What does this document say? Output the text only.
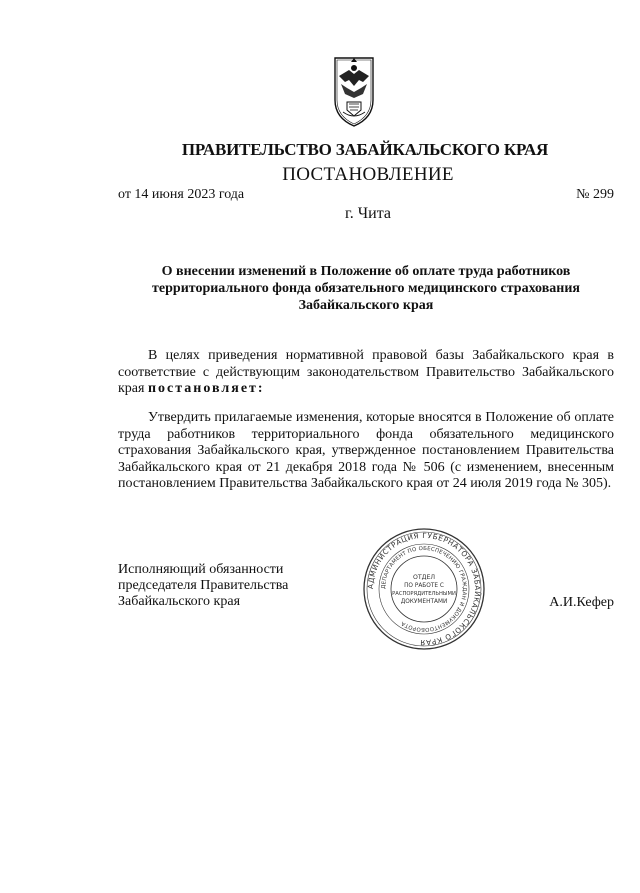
ПРАВИТЕЛЬСТВО ЗАБАЙКАЛЬСКОГО КРАЯ
ПОСТАНОВЛЕНИЕ
от 14 июня 2023 года	№ 299
г. Чита
О внесении изменений в Положение об оплате труда работников
территориального фонда обязательного медицинского страхования
Забайкальского края

В целях приведения нормативной правовой базы Забайкальского края в соответствие с действующим законодательством Правительство Забайкальского края постановляет:

Утвердить прилагаемые изменения, которые вносятся в Положение об оплате труда работников территориального фонда обязательного медицинского страхования Забайкальского края, утвержденное постановлением Правительства Забайкальского края от 21 декабря 2018 года № 506 (с изменением, внесенным постановлением Правительства Забайкальского края от 24 июля 2019 года № 305).

Исполняющий обязанности
председателя Правительства
Забайкальского края	А.И.Кефер
АДМИНИСТРАЦИЯ ГУБЕРНАТОРА ЗАБАЙКАЛЬСКОГО КРАЯ
ДЕПАРТАМЕНТ ПО ОБЕСПЕЧЕНИЮ ГРАЖДАН И ДОКУМЕНТООБОРОТА
ОТДЕЛ
ПО РАБОТЕ С
РАСПОРЯДИТЕЛЬНЫМИ
ДОКУМЕНТАМИ
